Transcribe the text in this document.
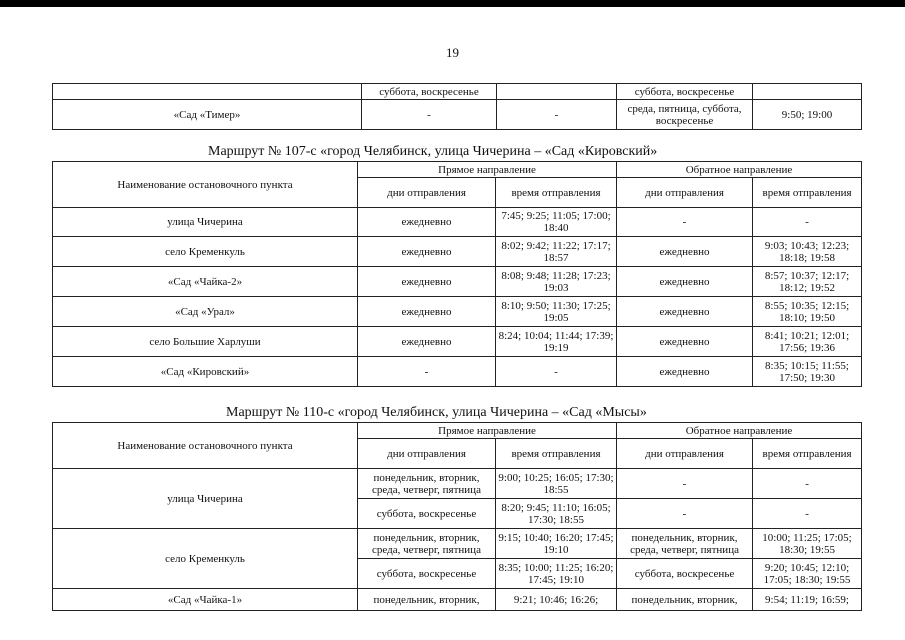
19
	суббота, воскресенье		суббота, воскресенье	
«Сад «Тимер»	-	-	среда, пятница, суббота, воскресенье	9:50; 19:00
Маршрут № 107-с «город Челябинск, улица Чичерина – «Сад «Кировский»
Наименование остановочного пункта	Прямое направление		Обратное направление	
	дни отправления	время отправления	дни отправления	время отправления
улица Чичерина	ежедневно	7:45; 9:25; 11:05; 17:00; 18:40	-	-
село Кременкуль	ежедневно	8:02; 9:42; 11:22; 17:17; 18:57	ежедневно	9:03; 10:43; 12:23; 18:18; 19:58
«Сад «Чайка-2»	ежедневно	8:08; 9:48; 11:28; 17:23; 19:03	ежедневно	8:57; 10:37; 12:17; 18:12; 19:52
«Сад «Урал»	ежедневно	8:10; 9:50; 11:30; 17:25; 19:05	ежедневно	8:55; 10:35; 12:15; 18:10; 19:50
село Большие Харлуши	ежедневно	8:24; 10:04; 11:44; 17:39; 19:19	ежедневно	8:41; 10:21; 12:01; 17:56; 19:36
«Сад «Кировский»	-	-	ежедневно	8:35; 10:15; 11:55; 17:50; 19:30
Маршрут № 110-с «город Челябинск, улица Чичерина – «Сад «Мысы»
Наименование остановочного пункта	Прямое направление		Обратное направление	
	дни отправления	время отправления	дни отправления	время отправления
улица Чичерина	понедельник, вторник, среда, четверг, пятница	9:00; 10:25; 16:05; 17:30; 18:55	-	-
	суббота, воскресенье	8:20; 9:45; 11:10; 16:05; 17:30; 18:55	-	-
село Кременкуль	понедельник, вторник, среда, четверг, пятница	9:15; 10:40; 16:20; 17:45; 19:10	понедельник, вторник, среда, четверг, пятница	10:00; 11:25; 17:05; 18:30; 19:55
	суббота, воскресенье	8:35; 10:00; 11:25; 16:20; 17:45; 19:10	суббота, воскресенье	9:20; 10:45; 12:10; 17:05; 18:30; 19:55
«Сад «Чайка-1»	понедельник, вторник,	9:21; 10:46; 16:26;	понедельник, вторник,	9:54; 11:19; 16:59;
